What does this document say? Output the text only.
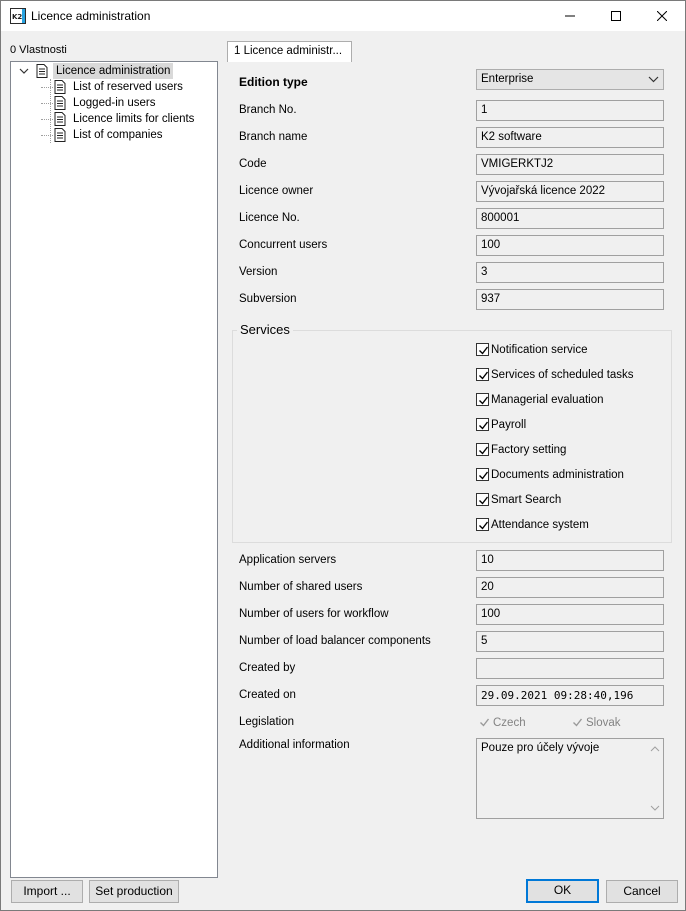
K2 Licence administration
0 Vlastnosti
Licence administration
List of reserved users
Logged-in users
Licence limits for clients
List of companies
1 Licence administr...
Edition type	Enterprise
Branch No.	1
Branch name	K2 software
Code	VMIGERKTJ2
Licence owner	Vývojařská licence 2022
Licence No.	800001
Concurrent users	100
Version	3
Subversion	937
Services
Notification service
Services of scheduled tasks
Managerial evaluation
Payroll
Factory setting
Documents administration
Smart Search
Attendance system
Application servers	10
Number of shared users	20
Number of users for workflow	100
Number of load balancer components	5
Created by
Created on	29.09.2021 09:28:40,196
Legislation	Czech	Slovak
Additional information	Pouze pro účely vývoje
Import ...	Set production	OK	Cancel
